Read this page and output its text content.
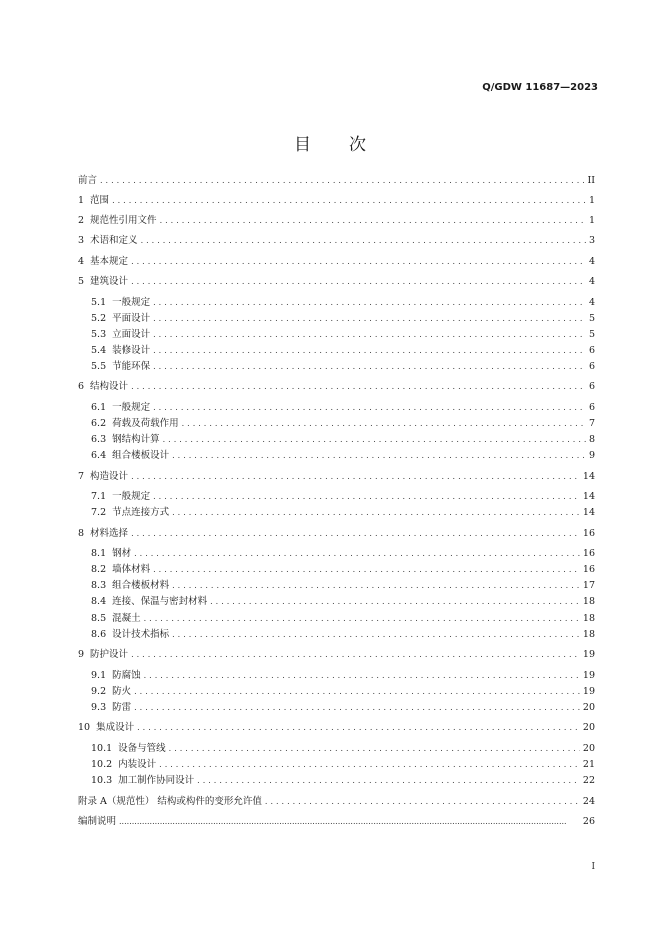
Q/GDW 11687—2023
目 次
前言 .....	II
1 范围 .....	1
2 规范性引用文件 .....	1
3 术语和定义 .....	3
4 基本规定 .....	4
5 建筑设计 .....	4
5.1 一般规定 .....	4
5.2 平面设计 .....	5
5.3 立面设计 .....	5
5.4 装修设计 .....	6
5.5 节能环保 .....	6
6 结构设计 .....	6
6.1 一般规定 .....	6
6.2 荷载及荷载作用 .....	7
6.3 钢结构计算 .....	8
6.4 组合楼板设计 .....	9
7 构造设计 .....	14
7.1 一般规定 .....	14
7.2 节点连接方式 .....	14
8 材料选择 .....	16
8.1 钢材 .....	16
8.2 墙体材料 .....	16
8.3 组合楼板材料 .....	17
8.4 连接、保温与密封材料 .....	18
8.5 混凝土 .....	18
8.6 设计技术指标 .....	18
9 防护设计 .....	19
9.1 防腐蚀 .....	19
9.2 防火 .....	19
9.3 防雷 .....	20
10 集成设计 .....	20
10.1 设备与管线 .....	20
10.2 内装设计 .....	21
10.3 加工制作协同设计 .....	22
附录 A（规范性） 结构或构件的变形允许值 .....	24
编制说明 .....	26
I
